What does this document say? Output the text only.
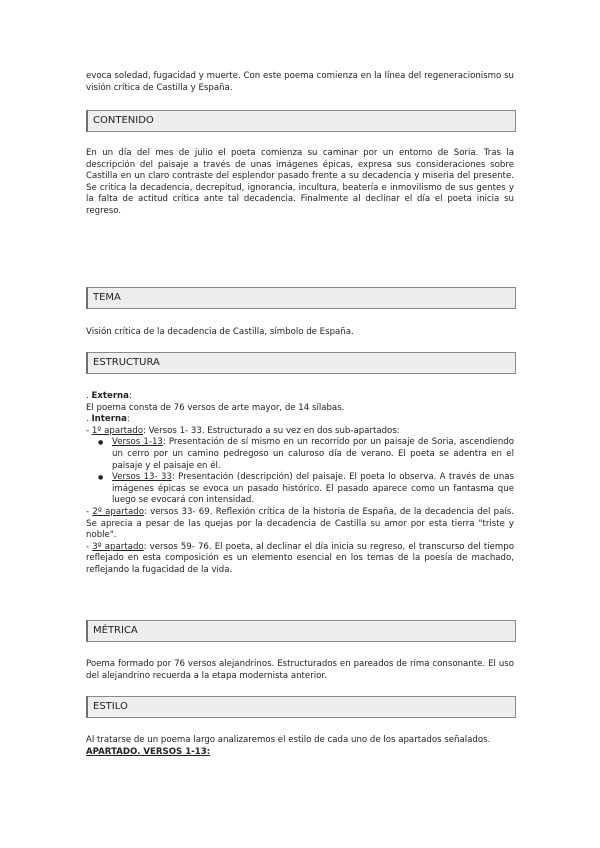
evoca soledad, fugacidad y muerte. Con este poema comienza en la línea del regeneracionismo su visión crítica de Castilla y España.

CONTENIDO

En un día del mes de julio el poeta comienza su caminar por un entorno de Soria. Tras la descripción del paisaje a través de unas imágenes épicas, expresa sus consideraciones sobre Castilla en un claro contraste del esplendor pasado frente a su decadencia y miseria del presente. Se critica la decadencia, decrepitud, ignorancia, incultura, beatería e inmovilismo de sus gentes y la falta de actitud crítica ante tal decadencia. Finalmente al declinar el día el poeta inicia su regreso.

TEMA

Visión crítica de la decadencia de Castilla, símbolo de España.

ESTRUCTURA

. Externa:

El poema consta de 76 versos de arte mayor, de 14 sílabas.

. Interna:

- 1º apartado: Versos 1- 33. Estructurado a su vez en dos sub-apartados:

● Versos 1-13: Presentación de sí mismo en un recorrido por un paisaje de Soria, ascendiendo un cerro por un camino pedregoso un caluroso día de verano. El poeta se adentra en el paisaje y el paisaje en él.
● Versos 13- 33: Presentación (descripción) del paisaje. El poeta lo observa. A través de unas imágenes épicas se evoca un pasado histórico. El pasado aparece como un fantasma que luego se evocará con intensidad.

- 2º apartado: versos 33- 69. Reflexión crítica de la historia de España, de la decadencia del país. Se aprecia a pesar de las quejas por la decadencia de Castilla su amor por esta tierra "triste y noble".

- 3º apartado: versos 59- 76. El poeta, al declinar el día inicia su regreso, el transcurso del tiempo reflejado en esta composición es un elemento esencial en los temas de la poesía de machado, reflejando la fugacidad de la vida.

MÉTRICA

Poema formado por 76 versos alejandrinos. Estructurados en pareados de rima consonante. El uso del alejandrino recuerda a la etapa modernista anterior.

ESTILO

Al tratarse de un poema largo analizaremos el estilo de cada uno de los apartados señalados.

APARTADO. VERSOS 1-13:
